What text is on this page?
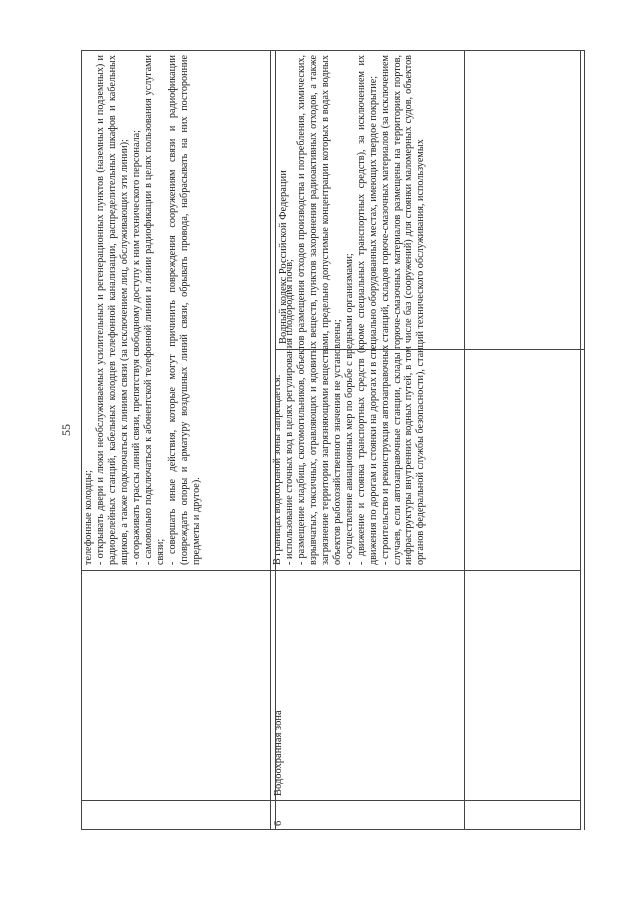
55

телефонные колодцы; - открывать двери и люки необслуживаемых усилительных и регенерационных пунктов (наземных и подземных) и радиорелейных станций, кабельных колодцев телефонной канализации, распределительных шкафов и кабельных ящиков, а также подключаться к линиям связи (за исключением лиц, обслуживающих эти линии); - огораживать трассы линий связи, препятствуя свободному доступу к ним технического персонала; - самовольно подключаться к абонентской телефонной линии и линии радиофикации в целях пользования услугами связи; - совершать иные действия, которые могут причинить повреждения сооружениям связи и радиофикации (повреждать опоры и арматуру воздушных линий связи, обрывать провода, набрасывать на них посторонние предметы и другое).

6
Водоохранная зона

В границах водоохраной зоны запрещается: - использование сточных вод в целях регулирования плодородия почв; - размещение кладбищ, скотомогильников, объектов размещения отходов производства и потребления, химических, взрывчатых, токсичных, отравляющих и ядовитых веществ, пунктов захоронения радиоактивных отходов, а также загрязнение территории загрязняющими веществами, предельно допустимые концентрации которых в водах водных объектов рыбохозяйственного значения не установлены; - осуществление авиационных мер по борьбе с вредными организмами; - движение и стоянка транспортных средств (кроме специальных транспортных средств), за исключением их движения по дорогам и стоянки на дорогах и в специально оборудованных местах, имеющих твердое покрытие; - строительство и реконструкция автозаправочных станций, складов горюче-смазочных материалов (за исключением случаев, если автозаправочные станции, склады горюче-смазочных материалов размещены на территориях портов, инфраструктуры внутренних водных путей, в том числе баз (сооружений) для стоянки маломерных судов, объектов органов федеральной службы безопасности), станций технического обслуживания, используемых

Водный кодекс Российской Федерации
